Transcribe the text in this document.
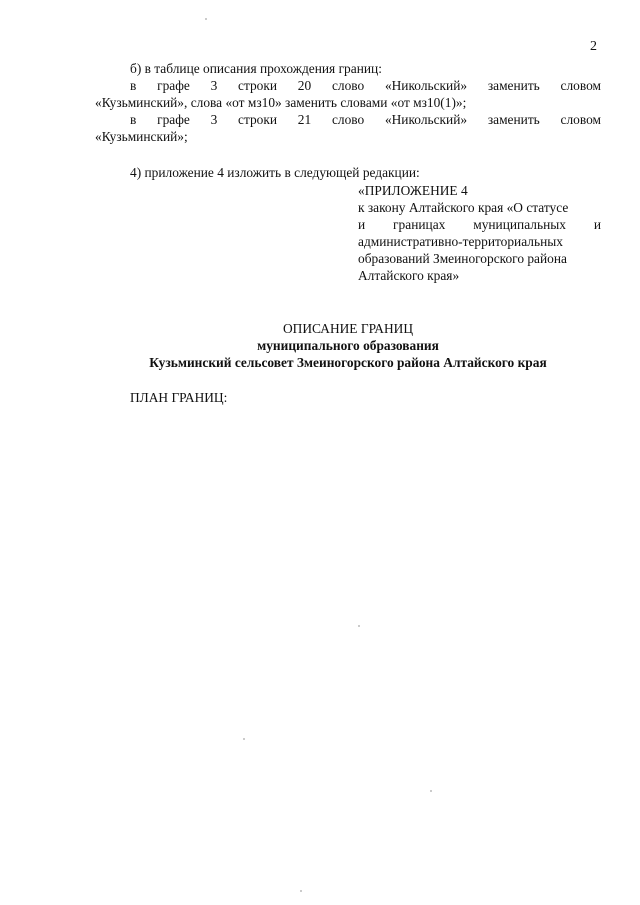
2
б) в таблице описания прохождения границ:
в графе 3 строки 20 слово «Никольский» заменить словом
«Кузьминский», слова «от мз10» заменить словами «от мз10(1)»;
в графе 3 строки 21 слово «Никольский» заменить словом
«Кузьминский»;
4) приложение 4 изложить в следующей редакции:
«ПРИЛОЖЕНИЕ 4
к закону Алтайского края «О статусе
и границах муниципальных и
административно-территориальных
образований Змеиногорского района
Алтайского края»
ОПИСАНИЕ ГРАНИЦ
муниципального образования
Кузьминский сельсовет Змеиногорского района Алтайского края
ПЛАН ГРАНИЦ:
